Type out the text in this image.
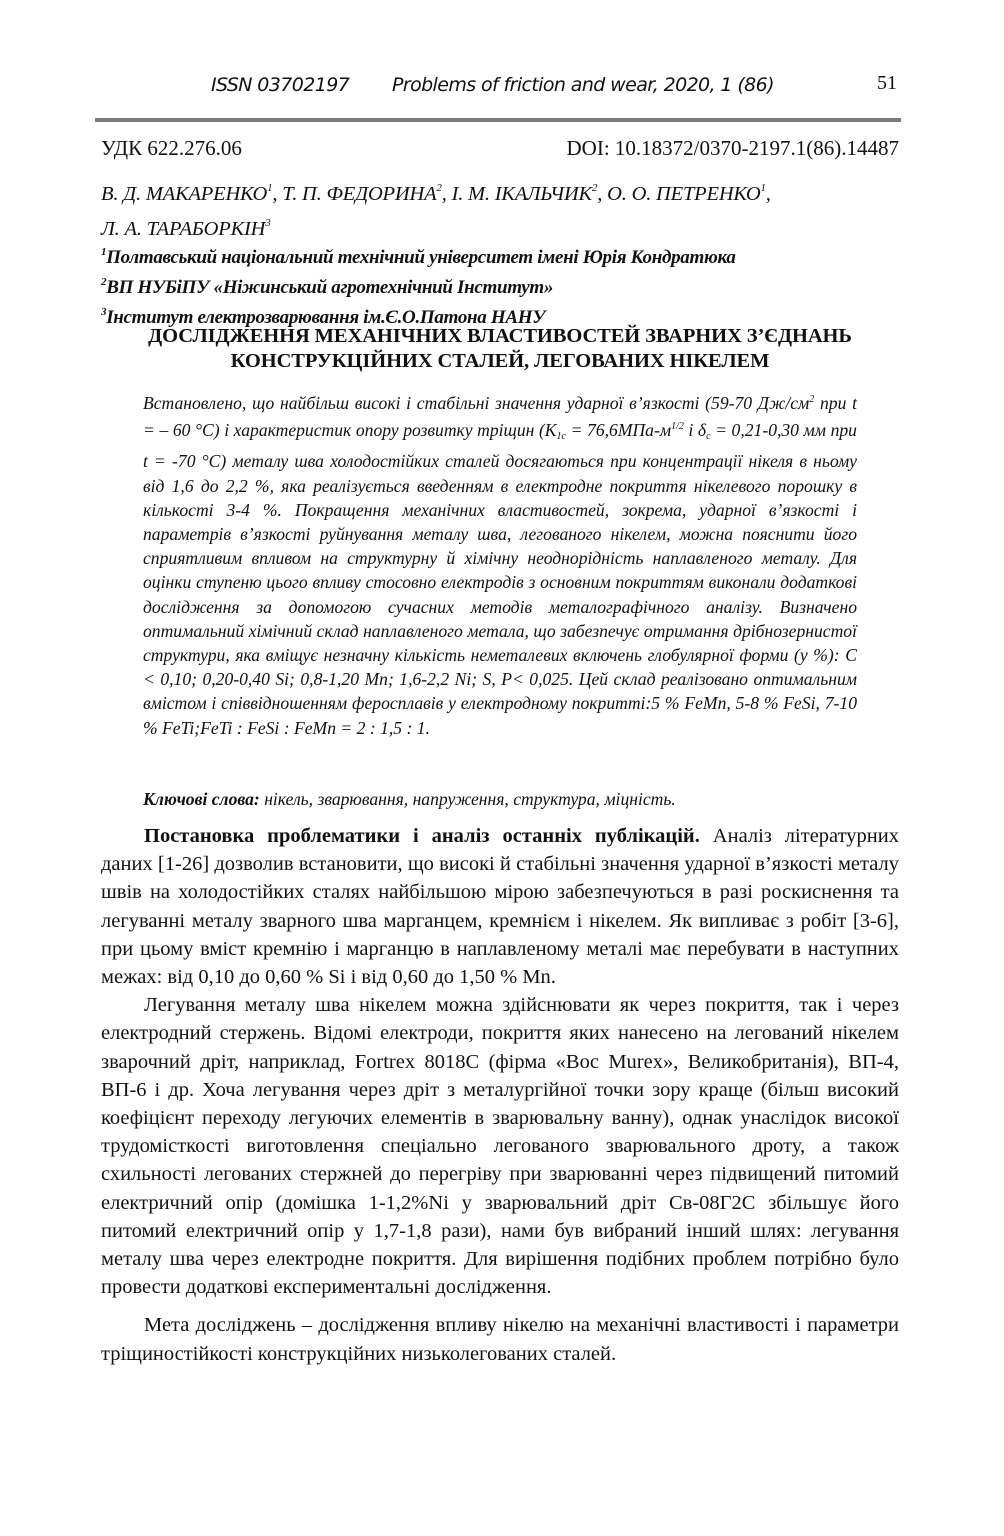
ISSN 03702197 Problems of friction and wear, 2020, 1 (86)	51
УДК 622.276.06	DOI: 10.18372/0370-2197.1(86).14487
В. Д. МАКАРЕНКО$^1$, Т. П. ФЕДОРИНА$^2$, І. М. ІКАЛЬЧИК$^2$, О. О. ПЕТРЕНКО$^1$,
Л. А. ТАРАБОРКІН$^3$
$^1$Полтавський національний технічний університет імені Юрія Кондратюка
$^2$ВП НУБіПУ «Ніжинський агротехнічний Інститут»
$^3$Інститут електрозварювання ім.Є.О.Патона НАНУ
ДОСЛІДЖЕННЯ МЕХАНІЧНИХ ВЛАСТИВОСТЕЙ ЗВАРНИХ З’ЄДНАНЬ
КОНСТРУКЦІЙНИХ СТАЛЕЙ, ЛЕГОВАНИХ НІКЕЛЕМ

Встановлено, що найбільш високі і стабільні значення ударної в’язкості (59-70 $Дж/см^2$ при t = – 60 °С) і характеристик опору розвитку тріщин ($K_{1c} = 76,6МПа-м^{1/2}$ і $\delta_c = 0,21-0,30$ мм при t = -70 °С) металу шва холодостійких сталей досягаються при концентрації нікеля в ньому від 1,6 до 2,2 %, яка реалізується введенням в електродне покриття нікелевого порошку в кількості 3-4 %. Покращення механічних властивостей, зокрема, ударної в’язкості і параметрів в’язкості руйнування металу шва, легованого нікелем, можна пояснити його сприятливим впливом на структурну й хімічну неоднорідність наплавленого металу. Для оцінки ступеню цього впливу стосовно електродів з основним покриттям виконали додаткові дослідження за допомогою сучасних методів металографічного аналізу. Визначено оптимальний хімічний склад наплавленого метала, що забезпечує отримання дрібнозернистої структури, яка вміщує незначну кількість неметалевих включень глобулярної форми (у %): С < 0,10; 0,20-0,40 Si; 0,8-1,20 Mn; 1,6-2,2 Ni; S, P< 0,025. Цей склад реалізовано оптимальним вмістом і співвідношенням феросплавів у електродному покритті:5 % FeMn, 5-8 % FeSi, 7-10 % FeTi;FeTi : FeSi : FeMn = 2 : 1,5 : 1.

Ключові слова: нікель, зварювання, напруження, структура, міцність.

Постановка проблематики і аналіз останніх публікацій. Аналіз літературних даних [1-26] дозволив встановити, що високі й стабільні значення ударної в’язкості металу швів на холодостійких сталях найбільшою мірою забезпечуються в разі роскиснення та легуванні металу зварного шва марганцем, кремнієм і нікелем. Як випливає з робіт [3-6], при цьому вміст кремнію і марганцю в наплавленому металі має перебувати в наступних межах: від 0,10 до 0,60 % Si і від 0,60 до 1,50 % Mn.

Легування металу шва нікелем можна здійснювати як через покриття, так і через електродний стержень. Відомі електроди, покриття яких нанесено на легований нікелем зварочний дріт, наприклад, Fortrex 8018C (фірма «Boc Murex», Великобританія), ВП-4, ВП-6 і др. Хоча легування через дріт з металургійної точки зору краще (більш високий коефіцієнт переходу легуючих елементів в зварювальну ванну), однак унаслідок високої трудомісткості виготовлення спеціально легованого зварювального дроту, а також схильності легованих стержней до перегріву при зварюванні через підвищений питомий електричний опір (домішка 1-1,2%Ni у зварювальний дріт Св-08Г2С збільшує його питомий електричний опір у 1,7-1,8 рази), нами був вибраний інший шлях: легування металу шва через електродне покриття. Для вирішення подібних проблем потрібно було провести додаткові експериментальні дослідження.

Мета досліджень – дослідження впливу нікелю на механічні властивості і параметри тріщиностійкості конструкційних низьколегованих сталей.
